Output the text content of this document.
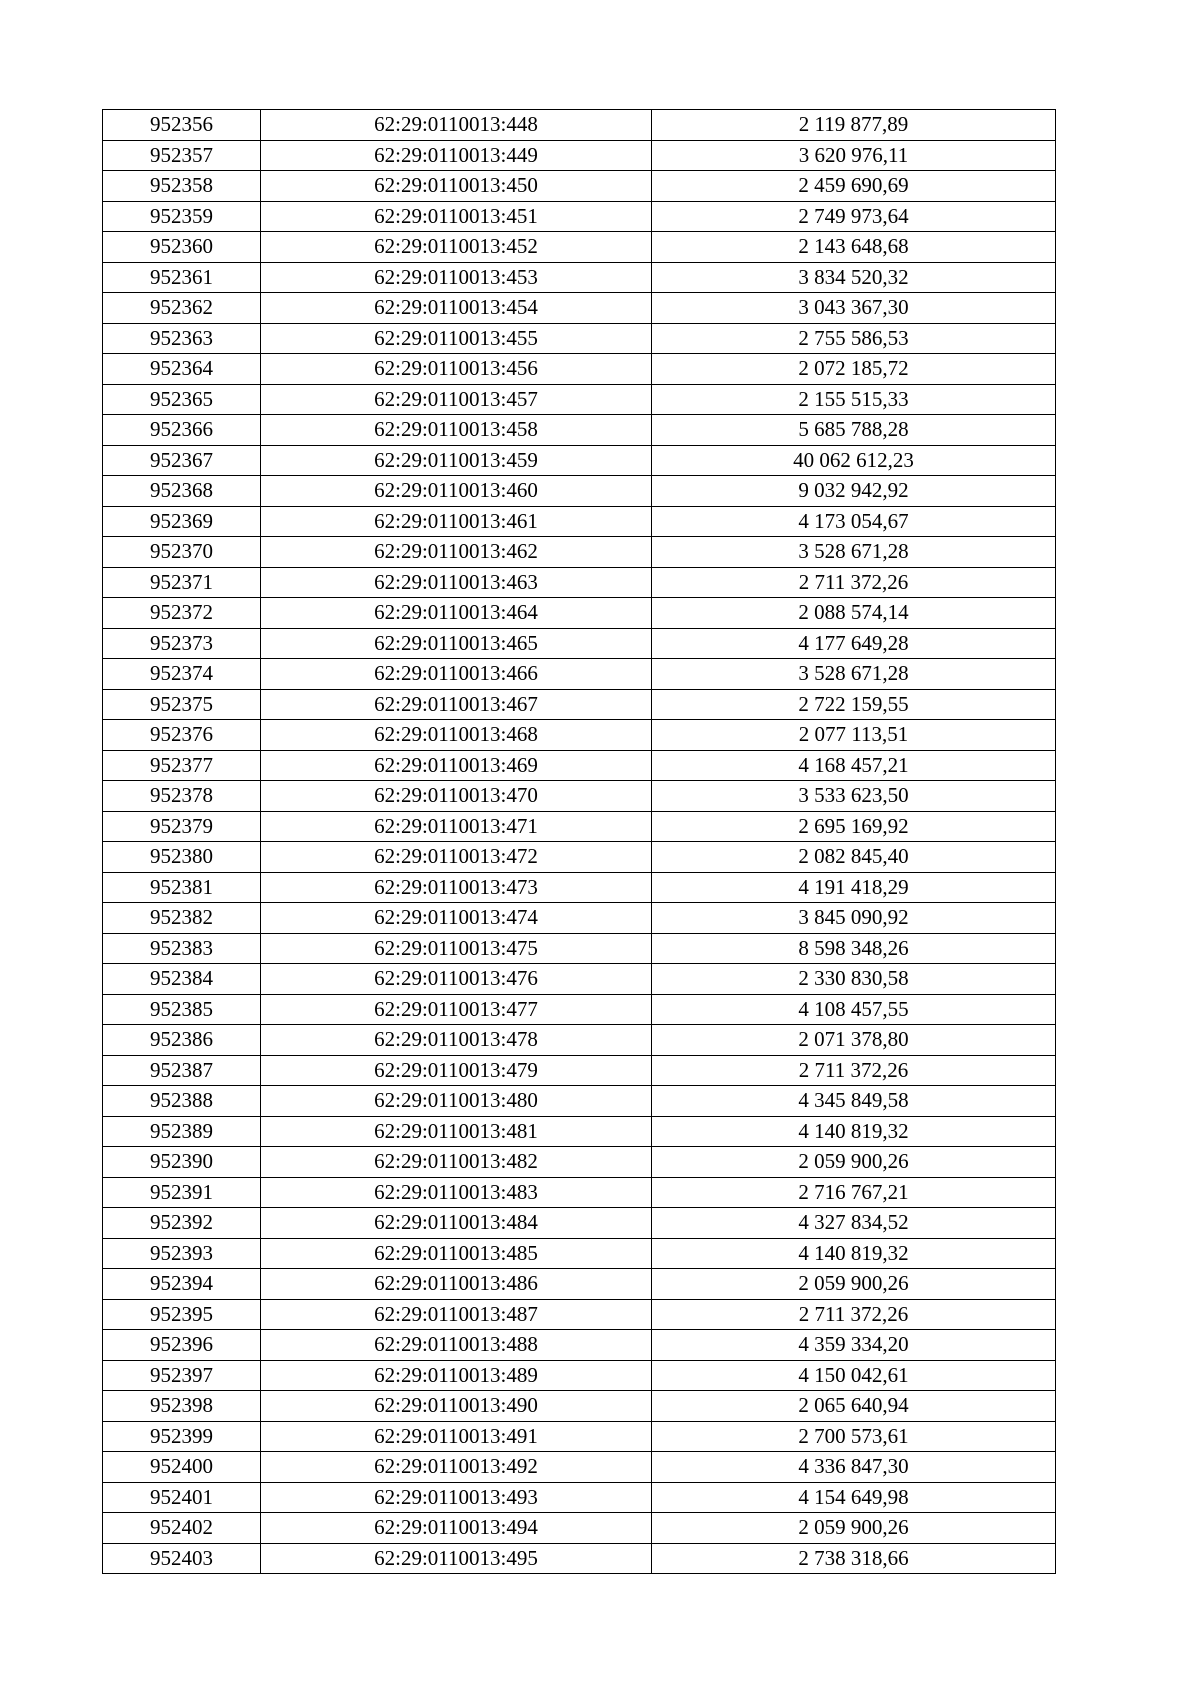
952356	62:29:0110013:448	2 119 877,89
952357	62:29:0110013:449	3 620 976,11
952358	62:29:0110013:450	2 459 690,69
952359	62:29:0110013:451	2 749 973,64
952360	62:29:0110013:452	2 143 648,68
952361	62:29:0110013:453	3 834 520,32
952362	62:29:0110013:454	3 043 367,30
952363	62:29:0110013:455	2 755 586,53
952364	62:29:0110013:456	2 072 185,72
952365	62:29:0110013:457	2 155 515,33
952366	62:29:0110013:458	5 685 788,28
952367	62:29:0110013:459	40 062 612,23
952368	62:29:0110013:460	9 032 942,92
952369	62:29:0110013:461	4 173 054,67
952370	62:29:0110013:462	3 528 671,28
952371	62:29:0110013:463	2 711 372,26
952372	62:29:0110013:464	2 088 574,14
952373	62:29:0110013:465	4 177 649,28
952374	62:29:0110013:466	3 528 671,28
952375	62:29:0110013:467	2 722 159,55
952376	62:29:0110013:468	2 077 113,51
952377	62:29:0110013:469	4 168 457,21
952378	62:29:0110013:470	3 533 623,50
952379	62:29:0110013:471	2 695 169,92
952380	62:29:0110013:472	2 082 845,40
952381	62:29:0110013:473	4 191 418,29
952382	62:29:0110013:474	3 845 090,92
952383	62:29:0110013:475	8 598 348,26
952384	62:29:0110013:476	2 330 830,58
952385	62:29:0110013:477	4 108 457,55
952386	62:29:0110013:478	2 071 378,80
952387	62:29:0110013:479	2 711 372,26
952388	62:29:0110013:480	4 345 849,58
952389	62:29:0110013:481	4 140 819,32
952390	62:29:0110013:482	2 059 900,26
952391	62:29:0110013:483	2 716 767,21
952392	62:29:0110013:484	4 327 834,52
952393	62:29:0110013:485	4 140 819,32
952394	62:29:0110013:486	2 059 900,26
952395	62:29:0110013:487	2 711 372,26
952396	62:29:0110013:488	4 359 334,20
952397	62:29:0110013:489	4 150 042,61
952398	62:29:0110013:490	2 065 640,94
952399	62:29:0110013:491	2 700 573,61
952400	62:29:0110013:492	4 336 847,30
952401	62:29:0110013:493	4 154 649,98
952402	62:29:0110013:494	2 059 900,26
952403	62:29:0110013:495	2 738 318,66
